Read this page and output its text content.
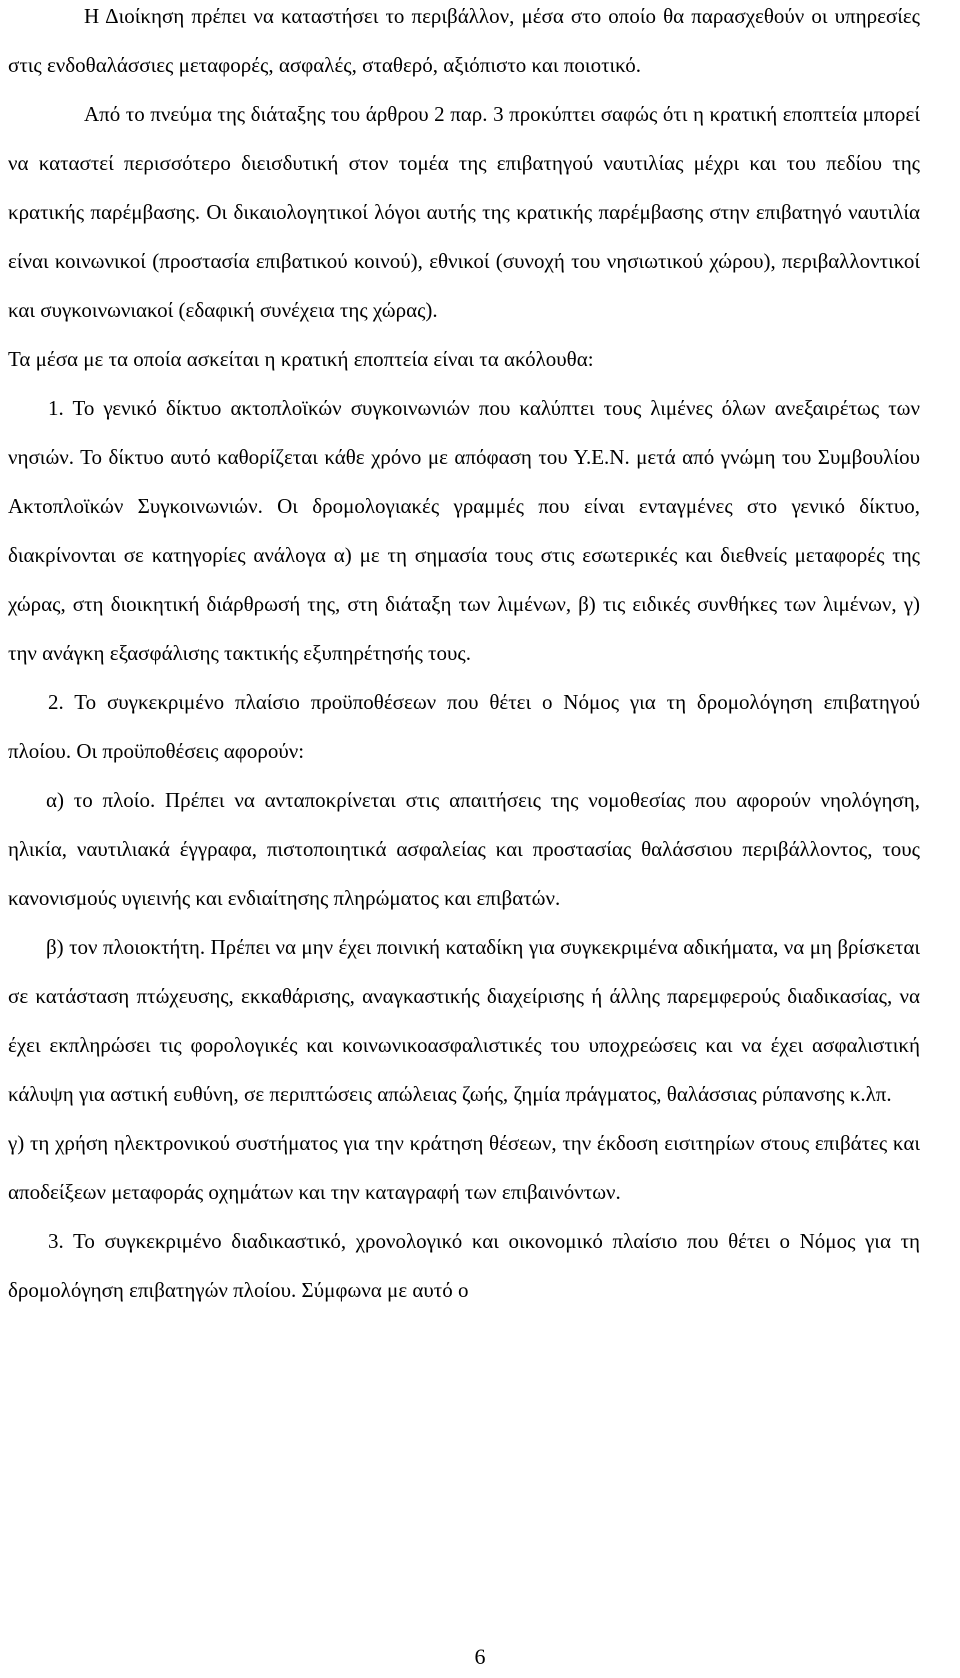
Η Διοίκηση πρέπει να καταστήσει το περιβάλλον, μέσα στο οποίο θα παρασχεθούν οι υπηρεσίες στις ενδοθαλάσσιες μεταφορές, ασφαλές, σταθερό, αξιόπιστο και ποιοτικό.

Από το πνεύμα της διάταξης του άρθρου 2 παρ. 3 προκύπτει σαφώς ότι η κρατική εποπτεία μπορεί να καταστεί περισσότερο διεισδυτική στον τομέα της επιβατηγού ναυτιλίας μέχρι και του πεδίου της κρατικής παρέμβασης. Οι δικαιολογητικοί λόγοι αυτής της κρατικής παρέμβασης στην επιβατηγό ναυτιλία είναι κοινωνικοί (προστασία επιβατικού κοινού), εθνικοί (συνοχή του νησιωτικού χώρου), περιβαλλοντικοί και συγκοινωνιακοί (εδαφική συνέχεια της χώρας).

Τα μέσα με τα οποία ασκείται η κρατική εποπτεία είναι τα ακόλουθα:

1. Το γενικό δίκτυο ακτοπλοϊκών συγκοινωνιών που καλύπτει τους λιμένες όλων ανεξαιρέτως των νησιών. Το δίκτυο αυτό καθορίζεται κάθε χρόνο με απόφαση του Υ.Ε.Ν. μετά από γνώμη του Συμβουλίου Ακτοπλοϊκών Συγκοινωνιών. Οι δρομολογιακές γραμμές που είναι ενταγμένες στο γενικό δίκτυο, διακρίνονται σε κατηγορίες ανάλογα α) με τη σημασία τους στις εσωτερικές και διεθνείς μεταφορές της χώρας, στη διοικητική διάρθρωσή της, στη διάταξη των λιμένων, β) τις ειδικές συνθήκες των λιμένων, γ) την ανάγκη εξασφάλισης τακτικής εξυπηρέτησής τους.

2. Το συγκεκριμένο πλαίσιο προϋποθέσεων που θέτει ο Νόμος για τη δρομολόγηση επιβατηγού πλοίου. Οι προϋποθέσεις αφορούν:

α) το πλοίο. Πρέπει να ανταποκρίνεται στις απαιτήσεις της νομοθεσίας που αφορούν νηολόγηση, ηλικία, ναυτιλιακά έγγραφα, πιστοποιητικά ασφαλείας και προστασίας θαλάσσιου περιβάλλοντος, τους κανονισμούς υγιεινής και ενδιαίτησης πληρώματος και επιβατών.

β) τον πλοιοκτήτη. Πρέπει να μην έχει ποινική καταδίκη για συγκεκριμένα αδικήματα, να μη βρίσκεται σε κατάσταση πτώχευσης, εκκαθάρισης, αναγκαστικής διαχείρισης ή άλλης παρεμφερούς διαδικασίας, να έχει εκπληρώσει τις φορολογικές και κοινωνικοασφαλιστικές του υποχρεώσεις και να έχει ασφαλιστική κάλυψη για αστική ευθύνη, σε περιπτώσεις απώλειας ζωής, ζημία πράγματος, θαλάσσιας ρύπανσης κ.λπ.

γ) τη χρήση ηλεκτρονικού συστήματος για την κράτηση θέσεων, την έκδοση εισιτηρίων στους επιβάτες και αποδείξεων μεταφοράς οχημάτων και την καταγραφή των επιβαινόντων.

3. Το συγκεκριμένο διαδικαστικό, χρονολογικό και οικονομικό πλαίσιο που θέτει ο Νόμος για τη δρομολόγηση επιβατηγών πλοίου. Σύμφωνα με αυτό ο

6
